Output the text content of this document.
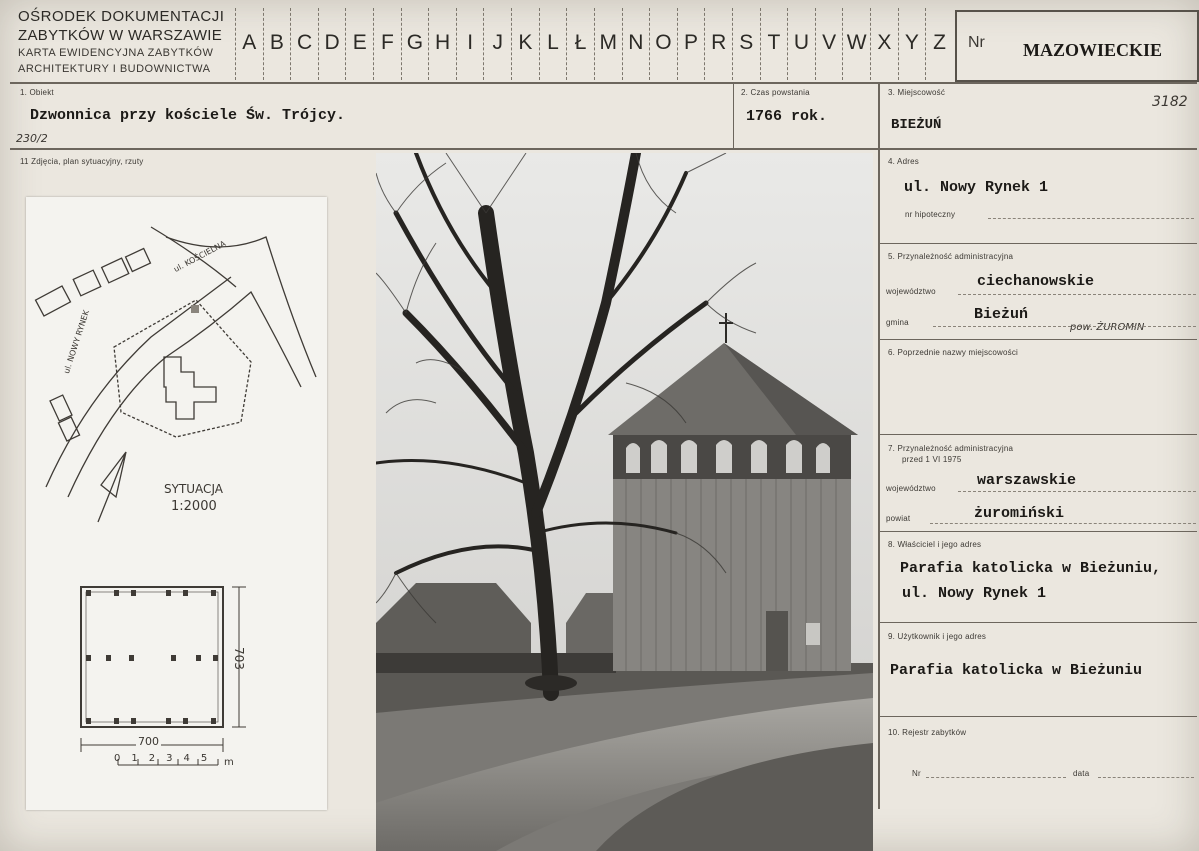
OŚRODEK DOKUMENTACJI
ZABYTKÓW W WARSZAWIE
KARTA EWIDENCYJNA ZABYTKÓW
ARCHITEKTURY I BUDOWNICTWA
A B C D E F G H I J K L Ł M N O P R S T U V W X Y Z	Nr MAZOWIECKIE
1. Obiekt
Dzwonnica przy kościele Św. Trójcy.
230/2
2. Czas powstania
1766 rok.
3. Miejscowość
3182
BIEŻUŃ
11 Zdjęcia, plan sytuacyjny, rzuty	4. Adres
ul. Nowy Rynek 1
nr hipoteczny
5. Przynależność administracyjna
województwo
ciechanowskie
gmina	Bieżuń
pow. ŻUROMIN
6. Poprzednie nazwy miejscowości
7. Przynależność administracyjna
przed 1 VI 1975
województwo	warszawskie
powiat	żuromiński
8. Właściciel i jego adres
Parafia katolicka w Bieżuniu,
ul. Nowy Rynek 1
9. Użytkownik i jego adres
Parafia katolicka w Bieżuniu
10. Rejestr zabytków
Nr	data
ul. KOŚCIELNA
ul. NOWY RYNEK
SYTUACJA
1:2000
703
700
0 1 2 3 4 5 m
